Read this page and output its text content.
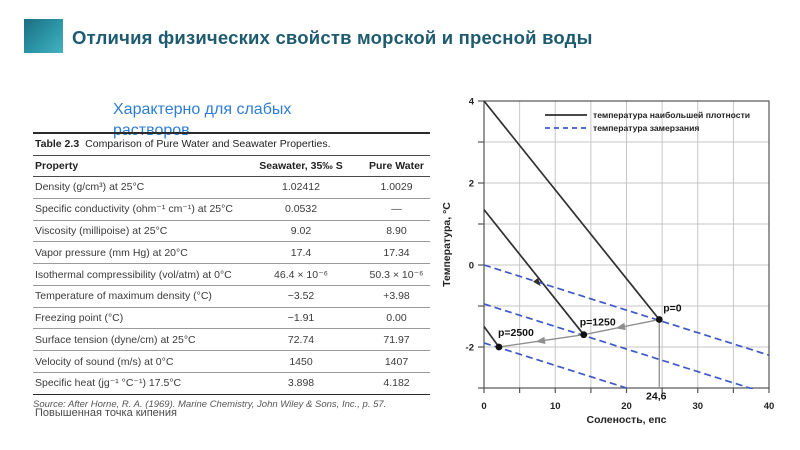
Отличия физических свойств морской и пресной воды
Характерно для слабых растворов
Table 2.3 Comparison of Pure Water and Seawater Properties.
Property	Seawater, 35‰ S	Pure Water
Density (g/cm³) at 25°C	1.02412	1.0029
Specific conductivity (ohm⁻¹ cm⁻¹) at 25°C	0.0532	—
Viscosity (millipoise) at 25°C	9.02	8.90
Vapor pressure (mm Hg) at 20°C	17.4	17.34
Isothermal compressibility (vol/atm) at 0°C	46.4 × 10⁻⁶	50.3 × 10⁻⁶
Temperature of maximum density (°C)	−3.52	+3.98
Freezing point (°C)	−1.91	0.00
Surface tension (dyne/cm) at 25°C	72.74	71.97
Velocity of sound (m/s) at 0°C	1450	1407
Specific heat (jg⁻¹ °C⁻¹) 17.5°C	3.898	4.182
Source: After Horne, R. A. (1969). Marine Chemistry, John Wiley & Sons, Inc., p. 57.
Повышенная точка кипения
0	10	20	30	40
4
2
0
-2
p=0
p=1250
p=2500
24,6
температура наибольшей плотности
температура замерзания
Соленость, епс
Температура, °C
